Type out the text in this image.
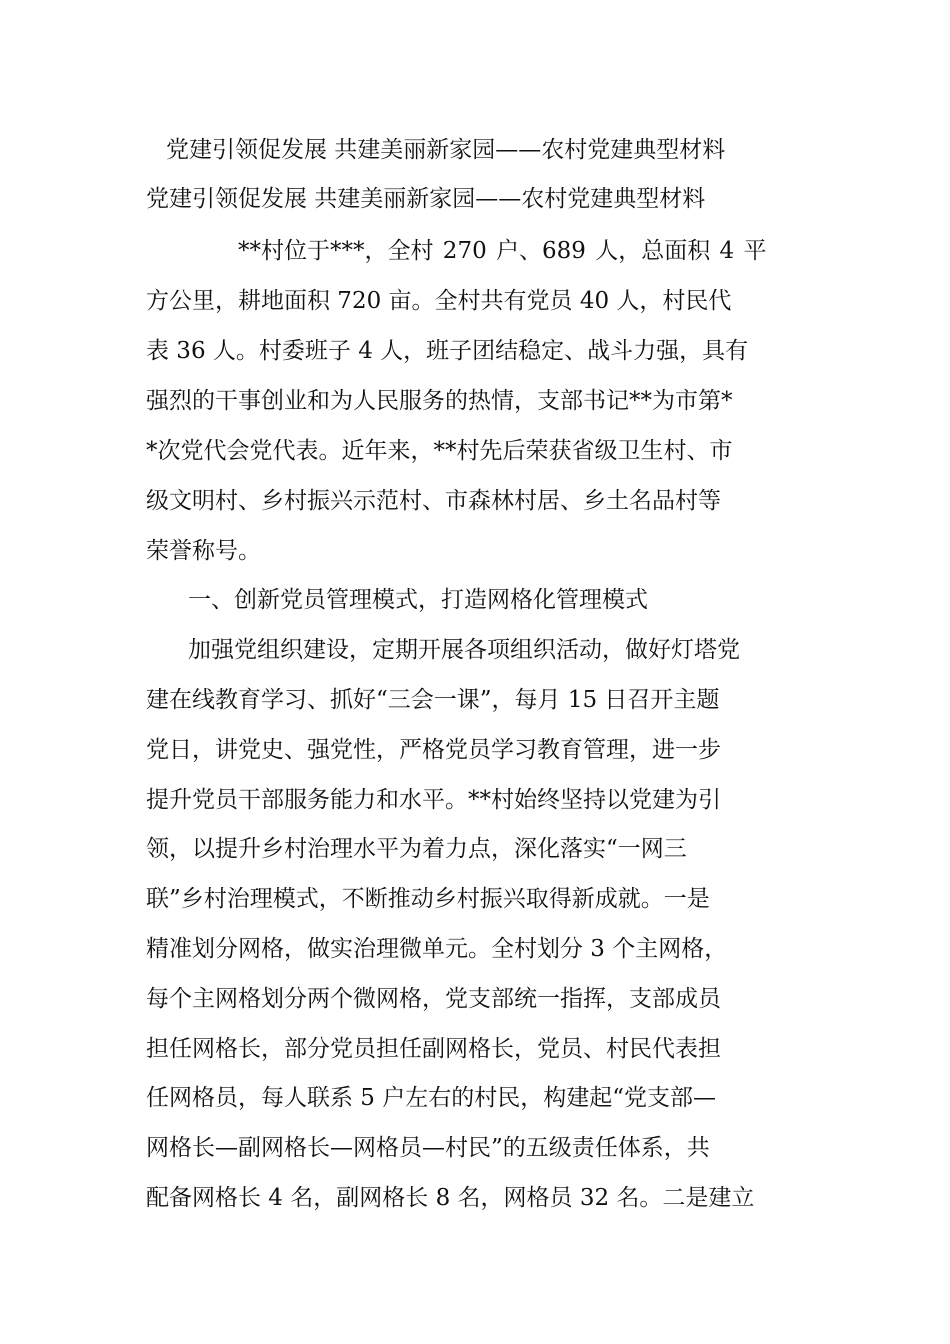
党建引领促发展 共建美丽新家园——农村党建典型材料
党建引领促发展 共建美丽新家园——农村党建典型材料
**村位于***，全村 270 户、689 人，总面积 4 平
方公里，耕地面积 720 亩。全村共有党员 40 人，村民代
表 36 人。村委班子 4 人，班子团结稳定、战斗力强，具有
强烈的干事创业和为人民服务的热情，支部书记**为市第*
*次党代会党代表。近年来，**村先后荣获省级卫生村、市
级文明村、乡村振兴示范村、市森林村居、乡土名品村等
荣誉称号。
一、创新党员管理模式，打造网格化管理模式
加强党组织建设，定期开展各项组织活动，做好灯塔党
建在线教育学习、抓好“三会一课”，每月 15 日召开主题
党日，讲党史、强党性，严格党员学习教育管理，进一步
提升党员干部服务能力和水平。**村始终坚持以党建为引
领，以提升乡村治理水平为着力点，深化落实“一网三
联”乡村治理模式，不断推动乡村振兴取得新成就。一是
精准划分网格，做实治理微单元。全村划分 3 个主网格，
每个主网格划分两个微网格，党支部统一指挥，支部成员
担任网格长，部分党员担任副网格长，党员、村民代表担
任网格员，每人联系 5 户左右的村民，构建起“党支部—
网格长—副网格长—网格员—村民”的五级责任体系，共
配备网格长 4 名，副网格长 8 名，网格员 32 名。二是建立
